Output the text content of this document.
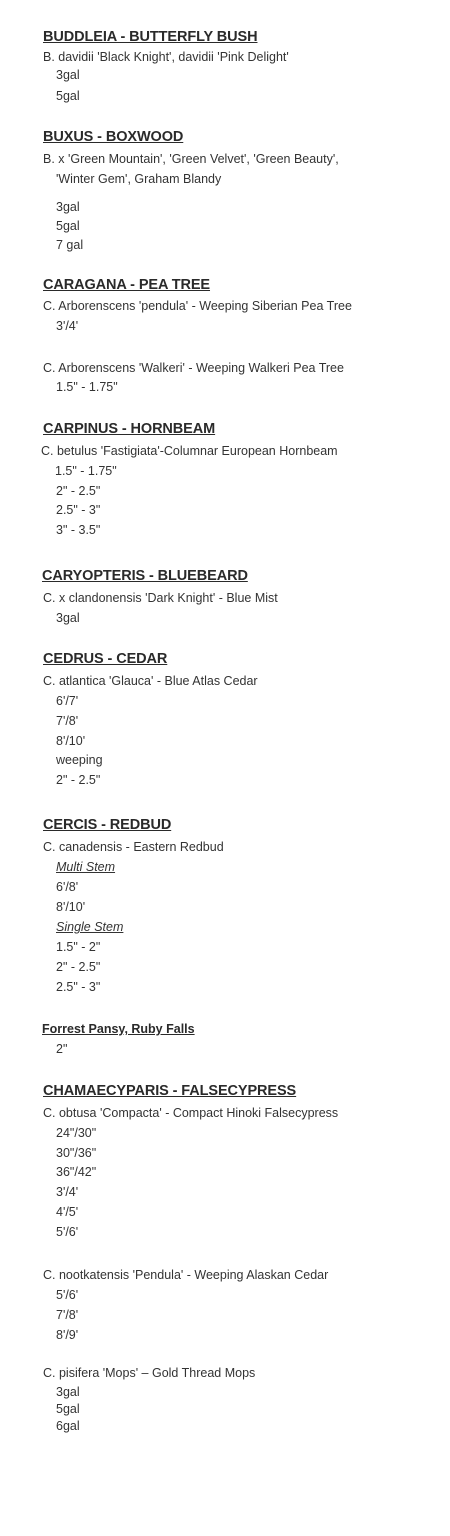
BUDDLEIA - BUTTERFLY BUSH
B. davidii 'Black Knight', davidii 'Pink Delight'
3gal
5gal
BUXUS - BOXWOOD
B. x 'Green Mountain', 'Green Velvet', 'Green Beauty',
'Winter Gem', Graham Blandy
3gal
5gal
7 gal
CARAGANA - PEA TREE
C. Arborenscens 'pendula' - Weeping Siberian Pea Tree
3'/4'
C. Arborenscens 'Walkeri' - Weeping Walkeri Pea Tree
1.5" - 1.75"
CARPINUS - HORNBEAM
C. betulus 'Fastigiata'-Columnar European Hornbeam
1.5" - 1.75"
2" - 2.5"
2.5" - 3"
3" - 3.5"
CARYOPTERIS - BLUEBEARD
C. x clandonensis 'Dark Knight' - Blue Mist
3gal
CEDRUS - CEDAR
C. atlantica 'Glauca' - Blue Atlas Cedar
6'/7'
7'/8'
8'/10'
weeping
2" - 2.5"
CERCIS - REDBUD
C. canadensis - Eastern Redbud
Multi Stem
6'/8'
8'/10'
Single Stem
1.5" - 2"
2" - 2.5"
2.5" - 3"
Forrest Pansy, Ruby Falls
2"
CHAMAECYPARIS - FALSECYPRESS
C. obtusa 'Compacta' - Compact Hinoki Falsecypress
24"/30"
30"/36"
36"/42"
3'/4'
4'/5'
5'/6'
C. nootkatensis 'Pendula' - Weeping Alaskan Cedar
5'/6'
7'/8'
8'/9'
C. pisifera 'Mops' – Gold Thread Mops
3gal
5gal
6gal
